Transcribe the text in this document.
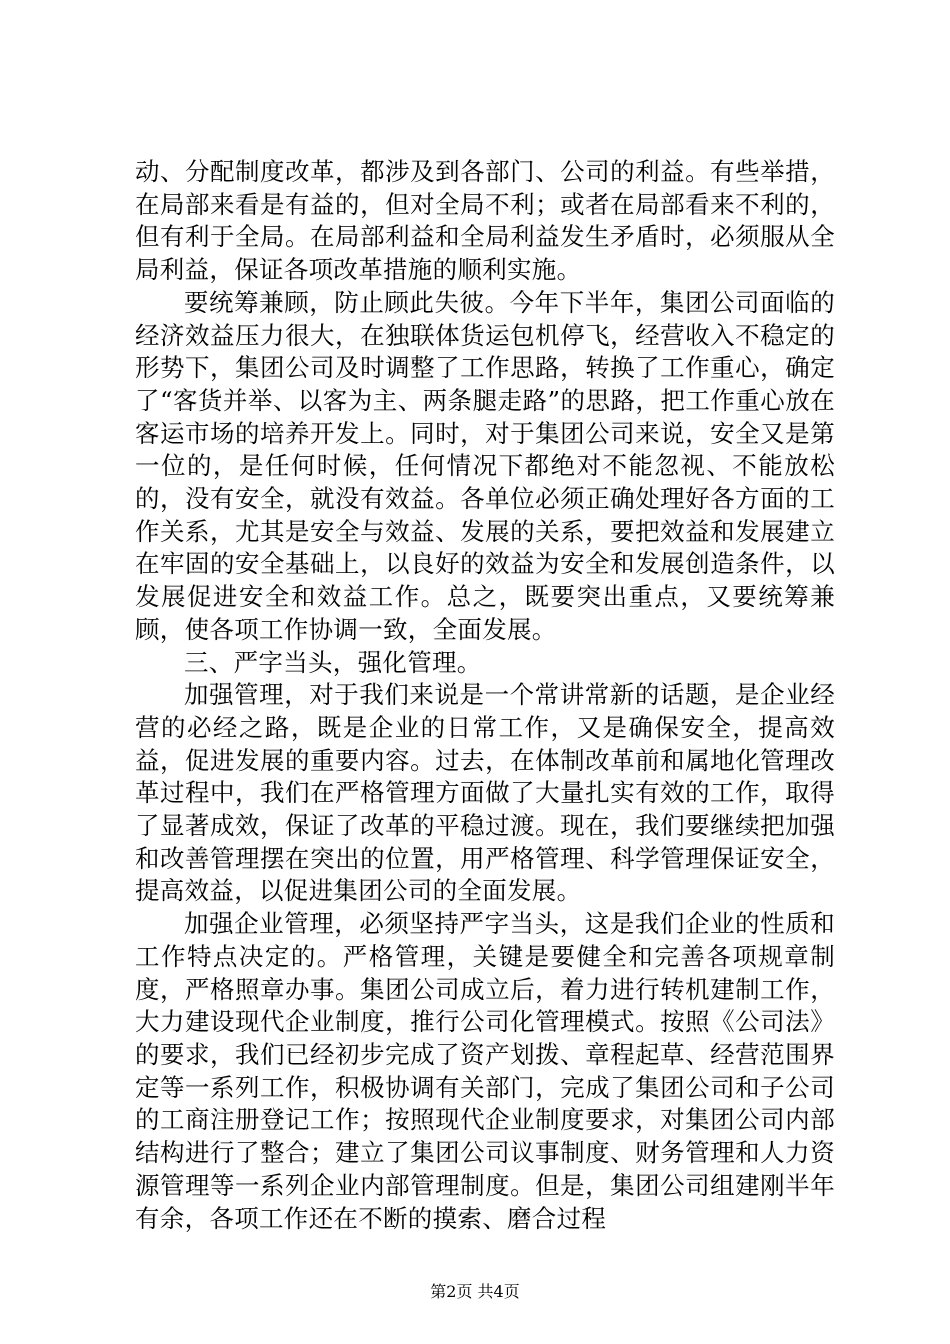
动、分配制度改革，都涉及到各部门、公司的利益。有些举措，在局部来看是有益的，但对全局不利；或者在局部看来不利的，但有利于全局。在局部利益和全局利益发生矛盾时，必须服从全局利益，保证各项改革措施的顺利实施。

要统筹兼顾，防止顾此失彼。今年下半年，集团公司面临的经济效益压力很大，在独联体货运包机停飞，经营收入不稳定的形势下，集团公司及时调整了工作思路，转换了工作重心，确定了“客货并举、以客为主、两条腿走路”的思路，把工作重心放在客运市场的培养开发上。同时，对于集团公司来说，安全又是第一位的，是任何时候，任何情况下都绝对不能忽视、不能放松的，没有安全，就没有效益。各单位必须正确处理好各方面的工作关系，尤其是安全与效益、发展的关系，要把效益和发展建立在牢固的安全基础上，以良好的效益为安全和发展创造条件，以发展促进安全和效益工作。总之，既要突出重点，又要统筹兼顾，使各项工作协调一致，全面发展。

三、严字当头，强化管理。

加强管理，对于我们来说是一个常讲常新的话题，是企业经营的必经之路，既是企业的日常工作，又是确保安全，提高效益，促进发展的重要内容。过去，在体制改革前和属地化管理改革过程中，我们在严格管理方面做了大量扎实有效的工作，取得了显著成效，保证了改革的平稳过渡。现在，我们要继续把加强和改善管理摆在突出的位置，用严格管理、科学管理保证安全，提高效益，以促进集团公司的全面发展。

加强企业管理，必须坚持严字当头，这是我们企业的性质和工作特点决定的。严格管理，关键是要健全和完善各项规章制度，严格照章办事。集团公司成立后，着力进行转机建制工作，大力建设现代企业制度，推行公司化管理模式。按照《公司法》的要求，我们已经初步完成了资产划拨、章程起草、经营范围界定等一系列工作，积极协调有关部门，完成了集团公司和子公司的工商注册登记工作；按照现代企业制度要求，对集团公司内部结构进行了整合；建立了集团公司议事制度、财务管理和人力资源管理等一系列企业内部管理制度。但是，集团公司组建刚半年有余，各项工作还在不断的摸索、磨合过程

第2页 共4页
